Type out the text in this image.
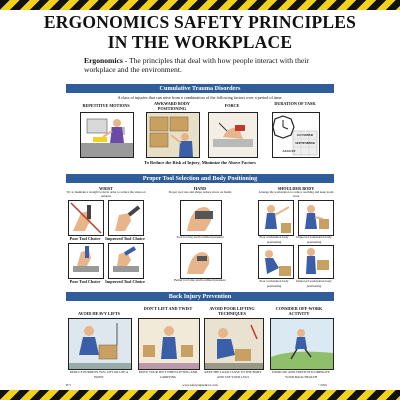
ERGONOMICS SAFETY PRINCIPLES
IN THE WORKPLACE
Ergonomics - The principles that deal with how people interact with their workplace and the environment.
Cumulative Trauma Disorders
A class of injuries that can arise from a combination of the following factors over a period of time:
REPETITIVE MOTIONS	AWKWARD BODY POSITIONING
FORCE	DURATION OF TASK
OCTOBER
SEPTEMBER
AUGUST
To Reduce the Risk of Injury, Minimize the Above Factors
Proper Tool Selection and Body Positioning
WRIST
Try to maintain a straight wrist in order to reduce the stress on tendons
Poor Tool Choice	Improved Tool Choice
Poor Tool Choice	Improved Tool Choice
HAND
Proper tool size and shape reduce stress on hands
Tool too big and localized pressure
Better tool size and localized pressure
SHOULDER BODY
Arrange the workstation to reduce reaching and keep loads close
Poor workstation body positioning
Improved workstation body positioning
Poor workstation body positioning
Improved workstation body positioning
Back Injury Prevention
AVOID HEAVY LIFTS
DON'T LIFT AND TWIST	AVOID POOR LIFTING TECHNIQUES
CONSIDER OFF-WORK ACTIVITY
REDUCE BURDENS YOU LIFT OR USE A HOIST
MOVE YOUR FEET WHEN LIFTING AND CARRYING
KEEP THE LOAD CLOSE TO THE BODY AND USE YOUR LEGS
EXERCISE AND STRETCH TO IMPROVE YOUR BACK HEALTH
B71	www.safetysignsdirect.com	©2009
